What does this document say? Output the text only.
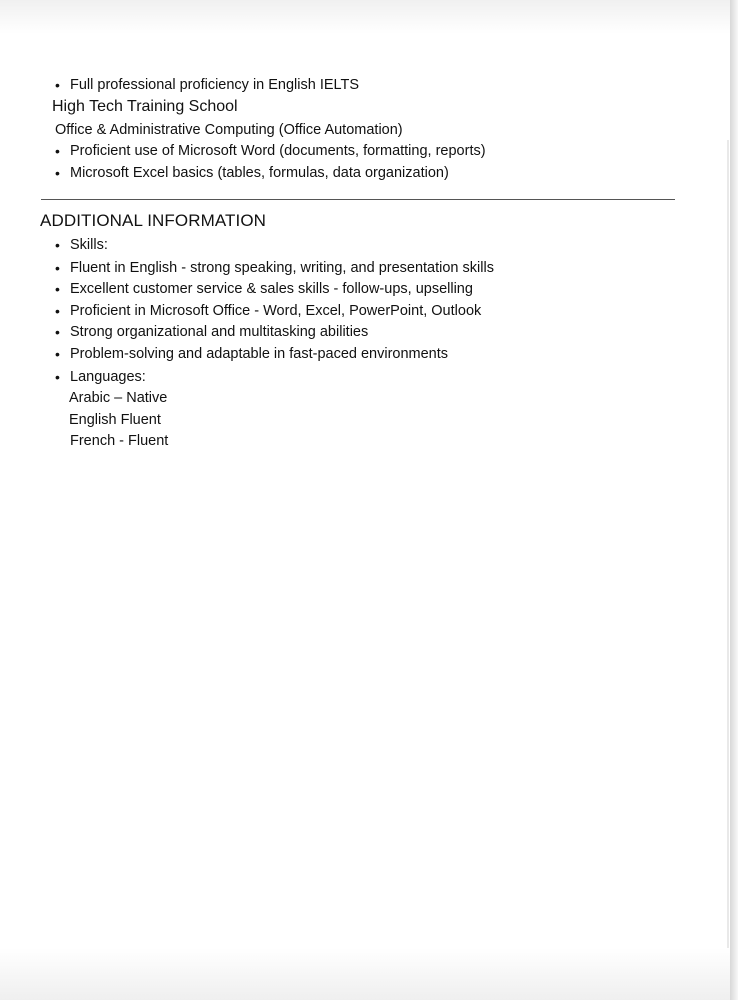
• Full professional proficiency in English IELTS
High Tech Training School
Office & Administrative Computing (Office Automation)
• Proficient use of Microsoft Word (documents, formatting, reports)
• Microsoft Excel basics (tables, formulas, data organization)
ADDITIONAL INFORMATION
• Skills:
• Fluent in English - strong speaking, writing, and presentation skills
• Excellent customer service & sales skills - follow-ups, upselling
• Proficient in Microsoft Office - Word, Excel, PowerPoint, Outlook
• Strong organizational and multitasking abilities
• Problem-solving and adaptable in fast-paced environments
• Languages:
Arabic – Native
English Fluent
French - Fluent
